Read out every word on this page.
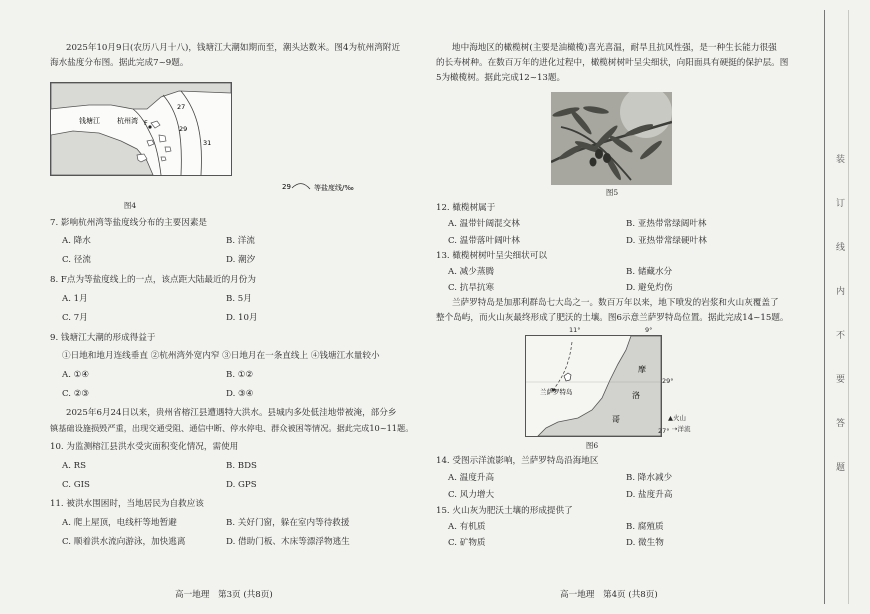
2025年10月9日(农历八月十八)，钱塘江大潮如期而至，潮头达数米。图4为杭州湾附近
海水盐度分布图。据此完成7~9题。
7. 影响杭州湾等盐度线分布的主要因素是
A. 降水	B. 洋流
C. 径流	D. 潮汐
8. F点为等盐度线上的一点，该点距大陆最近的月份为
A. 1月	B. 5月
C. 7月	D. 10月
9. 钱塘江大潮的形成得益于
①日地和地月连线垂直 ②杭州湾外宽内窄 ③日地月在一条直线上 ④钱塘江水量较小
A. ①④	B. ①②
C. ②③	D. ③④
2025年6月24日以来，贵州省榕江县遭遇特大洪水。县城内多处低洼地带被淹，部分乡
镇基础设施损毁严重，出现交通受阻、通信中断、停水停电、群众被困等情况。据此完成10~11题。
10. 为监测榕江县洪水受灾面积变化情况，需使用
A. RS	B. BDS
C. GIS	D. GPS
11. 被洪水围困时，当地居民为自救应该
A. 爬上屋顶，电线杆等地暂避	B. 关好门窗，躲在室内等待救援
C. 顺着洪水流向游泳，加快逃离	D. 借助门板、木床等漂浮物逃生
钱塘江 杭州湾 F
27
29
31
29	等盐度线/‰
图4
地中海地区的橄榄树(主要是油橄榄)喜光喜温，耐旱且抗风性强，是一种生长能力很强
的长寿树种。在数百万年的进化过程中，橄榄树树叶呈尖细状，向阳面具有硬挺的保护层。图
5为橄榄树。据此完成12~13题。
12. 橄榄树属于
A. 温带针阔混交林	B. 亚热带常绿阔叶林
C. 温带落叶阔叶林	D. 亚热带常绿硬叶林
13. 橄榄树树叶呈尖细状可以
A. 减少蒸腾	B. 储藏水分
C. 抗旱抗寒	D. 避免灼伤
兰萨罗特岛是加那利群岛七大岛之一。数百万年以来，地下喷发的岩浆和火山灰覆盖了
整个岛屿，而火山灰最终形成了肥沃的土壤。图6示意兰萨罗特岛位置。据此完成14~15题。
14. 受图示洋流影响，兰萨罗特岛沿海地区
A. 温度升高	B. 降水减少
C. 风力增大	D. 盐度升高
15. 火山灰为肥沃土壤的形成提供了
A. 有机质	B. 腐殖质
C. 矿物质	D. 微生物
图5
兰萨罗特岛
摩
洛
哥
11°	9°
29°
27°
▲火山
⇢洋流
图6
高一地理　第3页 (共8页)	高一地理　第4页 (共8页)
装
订
线
内
不
要
答
题
